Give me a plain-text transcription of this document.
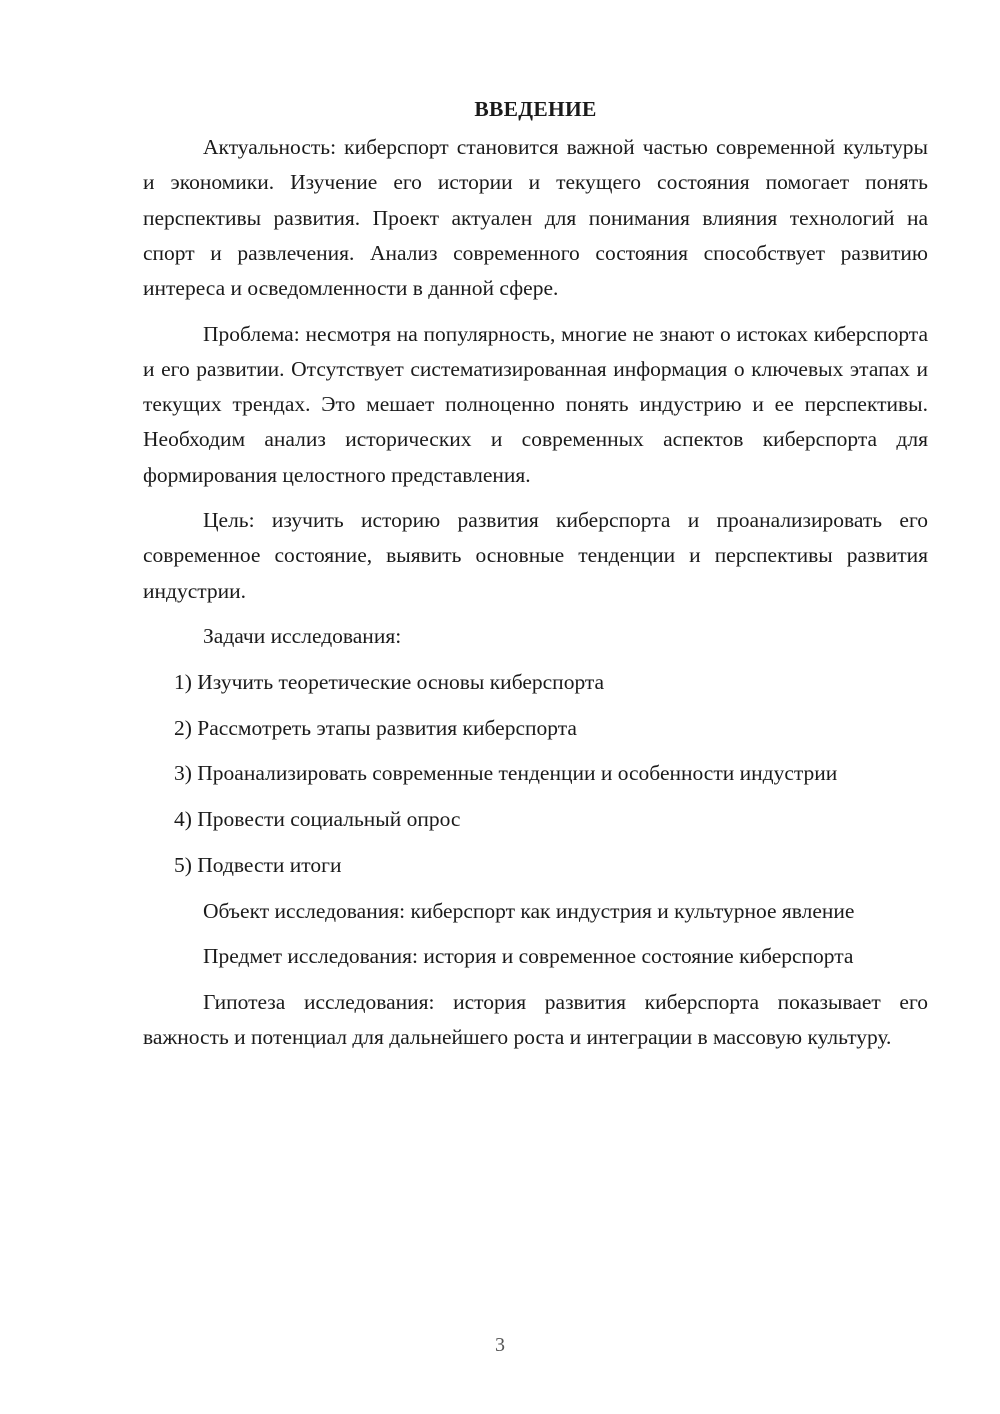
ВВЕДЕНИЕ

Актуальность: киберспорт становится важной частью современной культуры и экономики. Изучение его истории и текущего состояния помогает понять перспективы развития. Проект актуален для понимания влияния технологий на спорт и развлечения. Анализ современного состояния способствует развитию интереса и осведомленности в данной сфере.

Проблема: несмотря на популярность, многие не знают о истоках киберспорта и его развитии. Отсутствует систематизированная информация о ключевых этапах и текущих трендах. Это мешает полноценно понять индустрию и ее перспективы. Необходим анализ исторических и современных аспектов киберспорта для формирования целостного представления.

Цель: изучить историю развития киберспорта и проанализировать его современное состояние, выявить основные тенденции и перспективы развития индустрии.

Задачи исследования:

1) Изучить теоретические основы киберспорта

2) Рассмотреть этапы развития киберспорта

3) Проанализировать современные тенденции и особенности индустрии

4) Провести социальный опрос

5) Подвести итоги

Объект исследования: киберспорт как индустрия и культурное явление

Предмет исследования: история и современное состояние киберспорта

Гипотеза исследования: история развития киберспорта показывает его важность и потенциал для дальнейшего роста и интеграции в массовую культуру.

3
